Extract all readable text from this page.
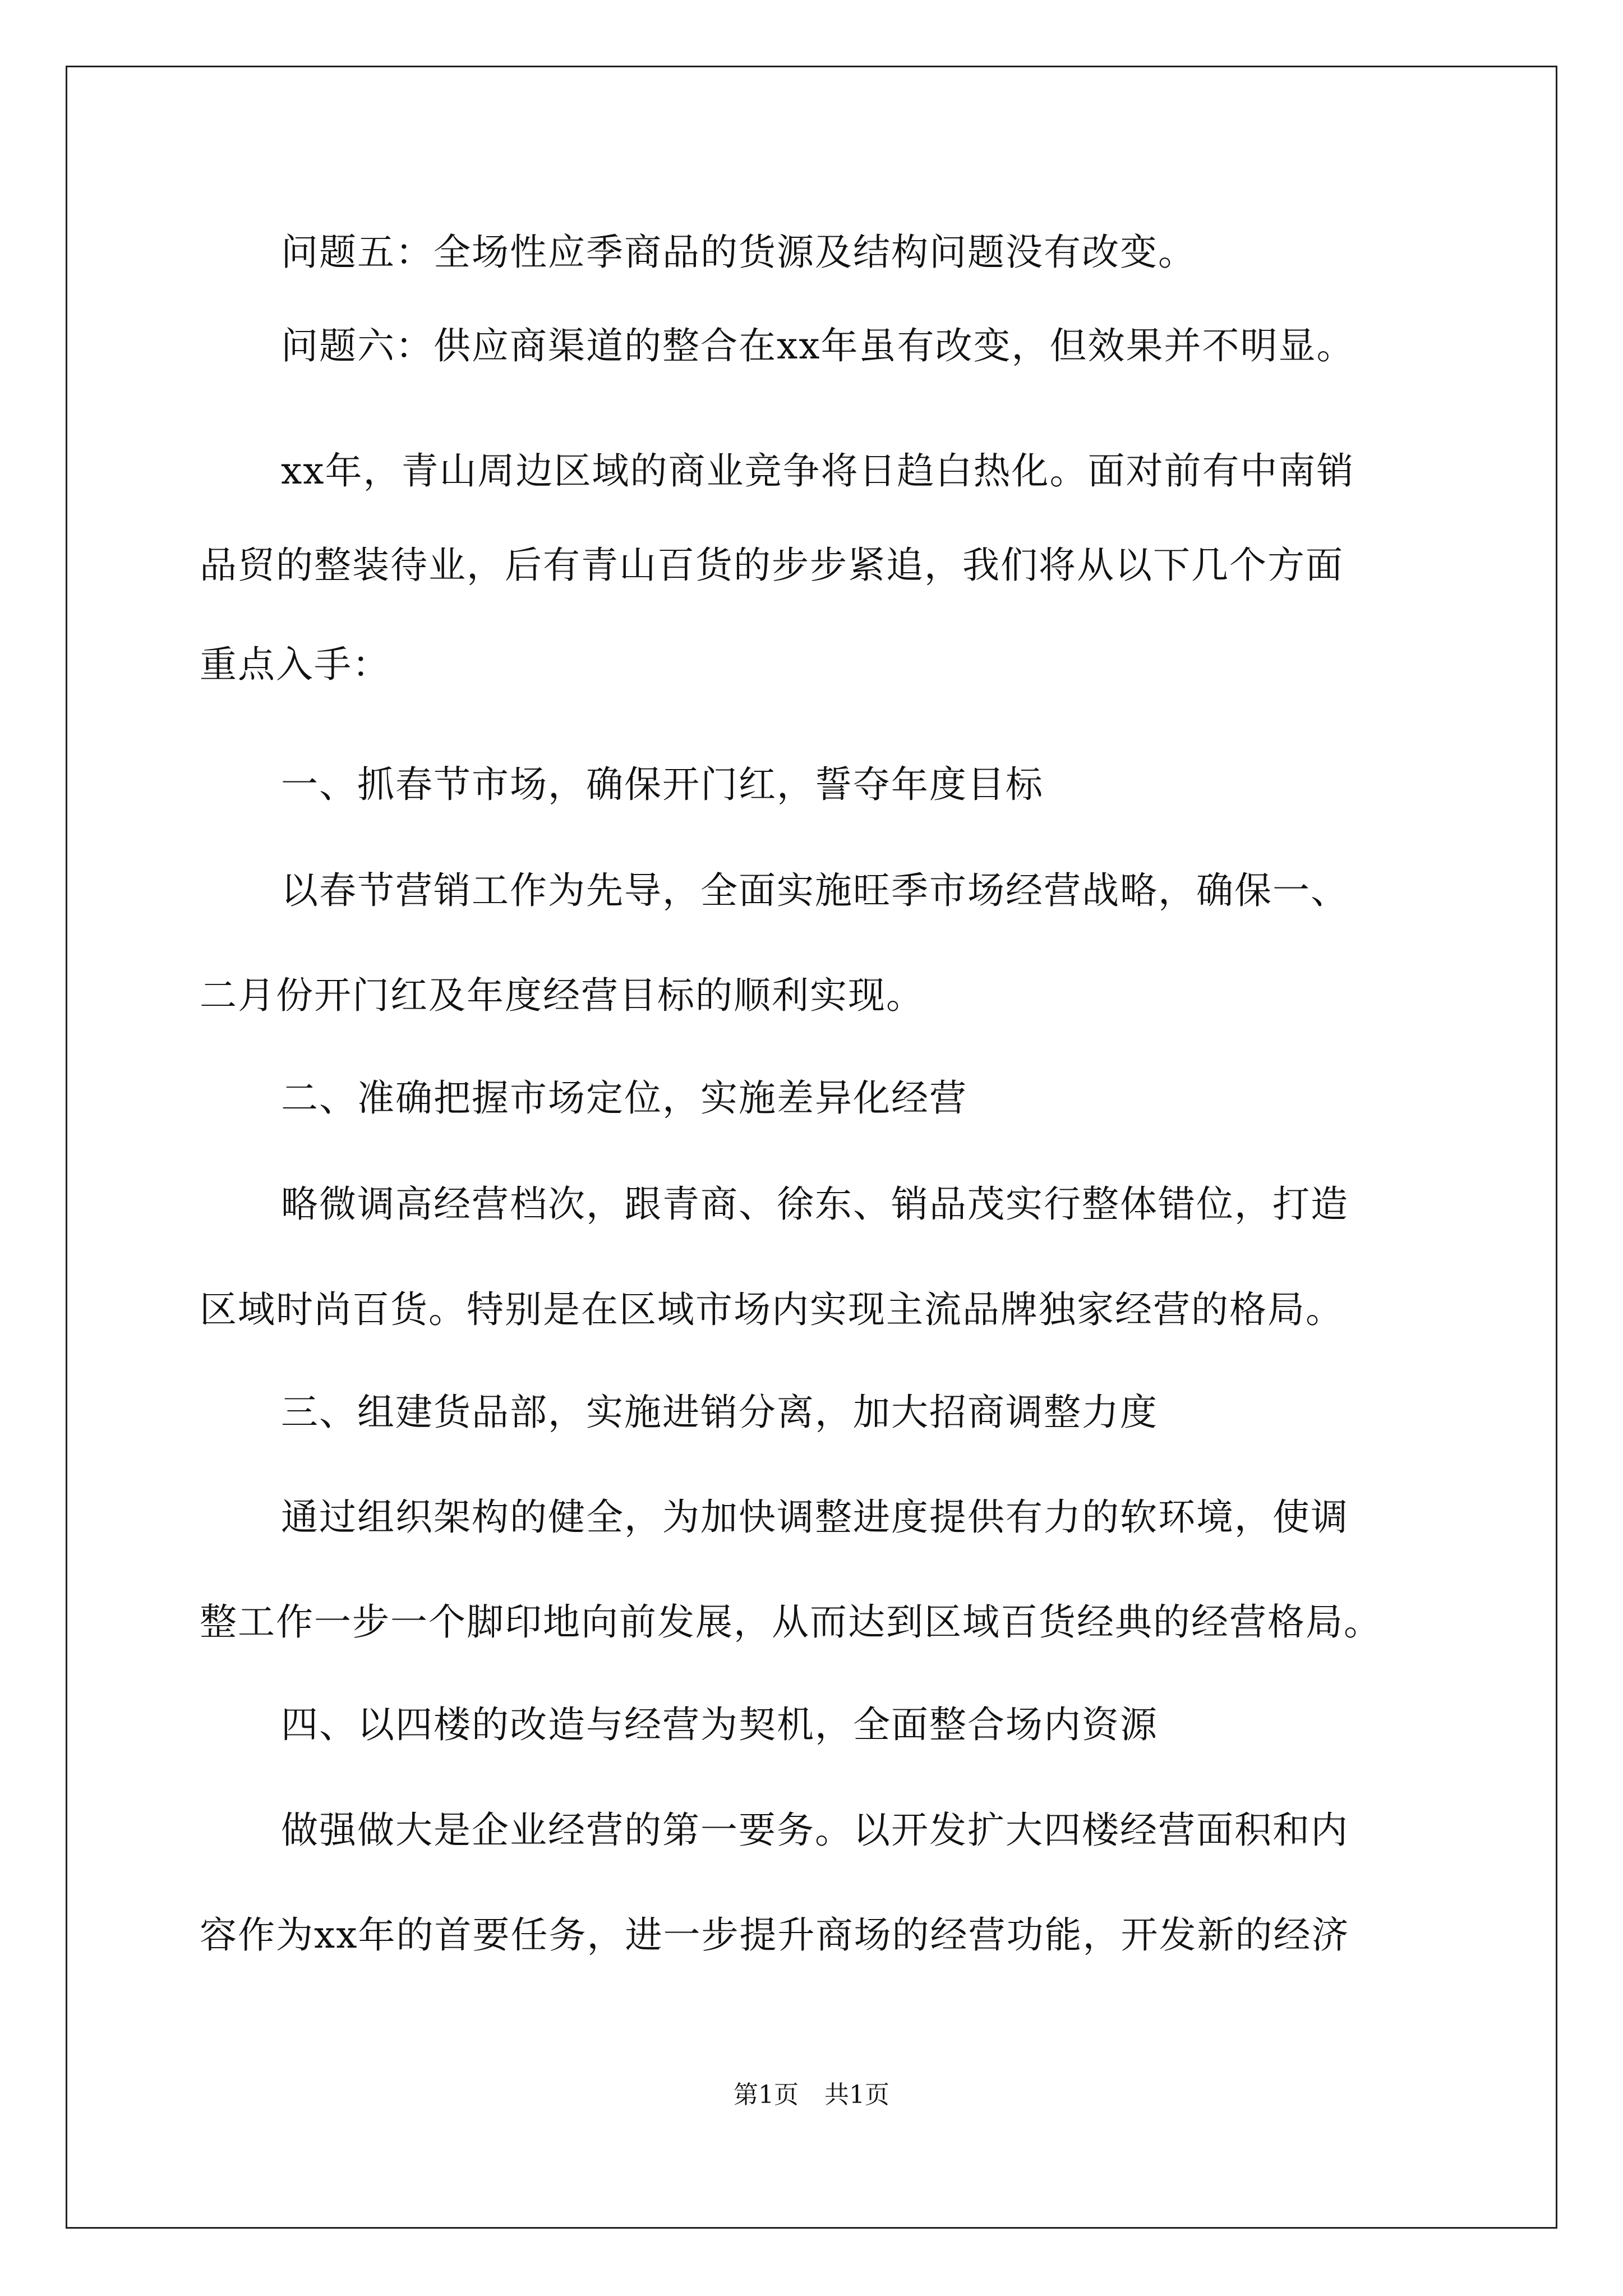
问题五：全场性应季商品的货源及结构问题没有改变。

问题六：供应商渠道的整合在xx年虽有改变，但效果并不明显。

xx年，青山周边区域的商业竞争将日趋白热化。面对前有中南销

品贸的整装待业，后有青山百货的步步紧追，我们将从以下几个方面

重点入手：

一、抓春节市场，确保开门红，誓夺年度目标

以春节营销工作为先导，全面实施旺季市场经营战略，确保一、

二月份开门红及年度经营目标的顺利实现。

二、准确把握市场定位，实施差异化经营

略微调高经营档次，跟青商、徐东、销品茂实行整体错位，打造

区域时尚百货。特别是在区域市场内实现主流品牌独家经营的格局。

三、组建货品部，实施进销分离，加大招商调整力度

通过组织架构的健全，为加快调整进度提供有力的软环境，使调

整工作一步一个脚印地向前发展，从而达到区域百货经典的经营格局。

四、以四楼的改造与经营为契机，全面整合场内资源

做强做大是企业经营的第一要务。以开发扩大四楼经营面积和内

容作为xx年的首要任务，进一步提升商场的经营功能，开发新的经济

第1页 共1页
